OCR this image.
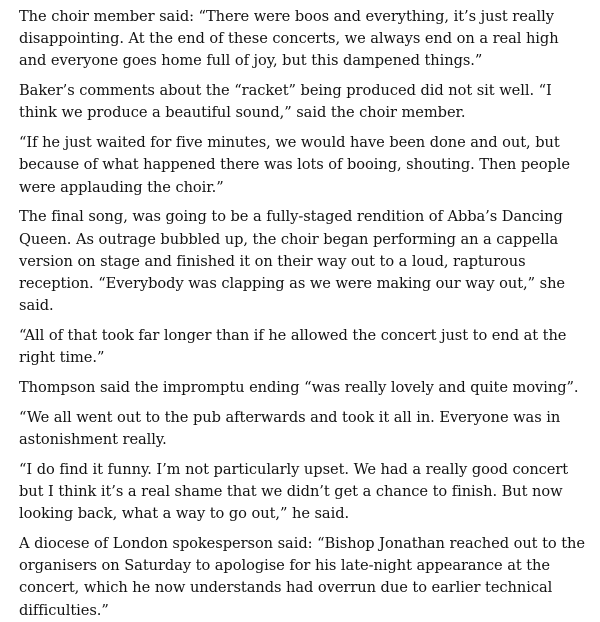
The choir member said: “There were boos and everything, it’s just really disappointing. At the end of these concerts, we always end on a real high and everyone goes home full of joy, but this dampened things.”

Baker’s comments about the “racket” being produced did not sit well. “I think we produce a beautiful sound,” said the choir member.

“If he just waited for five minutes, we would have been done and out, but because of what happened there was lots of booing, shouting. Then people were applauding the choir.”

The final song, was going to be a fully-staged rendition of Abba’s Dancing Queen. As outrage bubbled up, the choir began performing an a cappella version on stage and finished it on their way out to a loud, rapturous reception. “Everybody was clapping as we were making our way out,” she said.

“All of that took far longer than if he allowed the concert just to end at the right time.”

Thompson said the impromptu ending “was really lovely and quite moving”.

“We all went out to the pub afterwards and took it all in. Everyone was in astonishment really.

“I do find it funny. I’m not particularly upset. We had a really good concert but I think it’s a real shame that we didn’t get a chance to finish. But now looking back, what a way to go out,” he said.

A diocese of London spokesperson said: “Bishop Jonathan reached out to the organisers on Saturday to apologise for his late-night appearance at the concert, which he now understands had overrun due to earlier technical difficulties.”
